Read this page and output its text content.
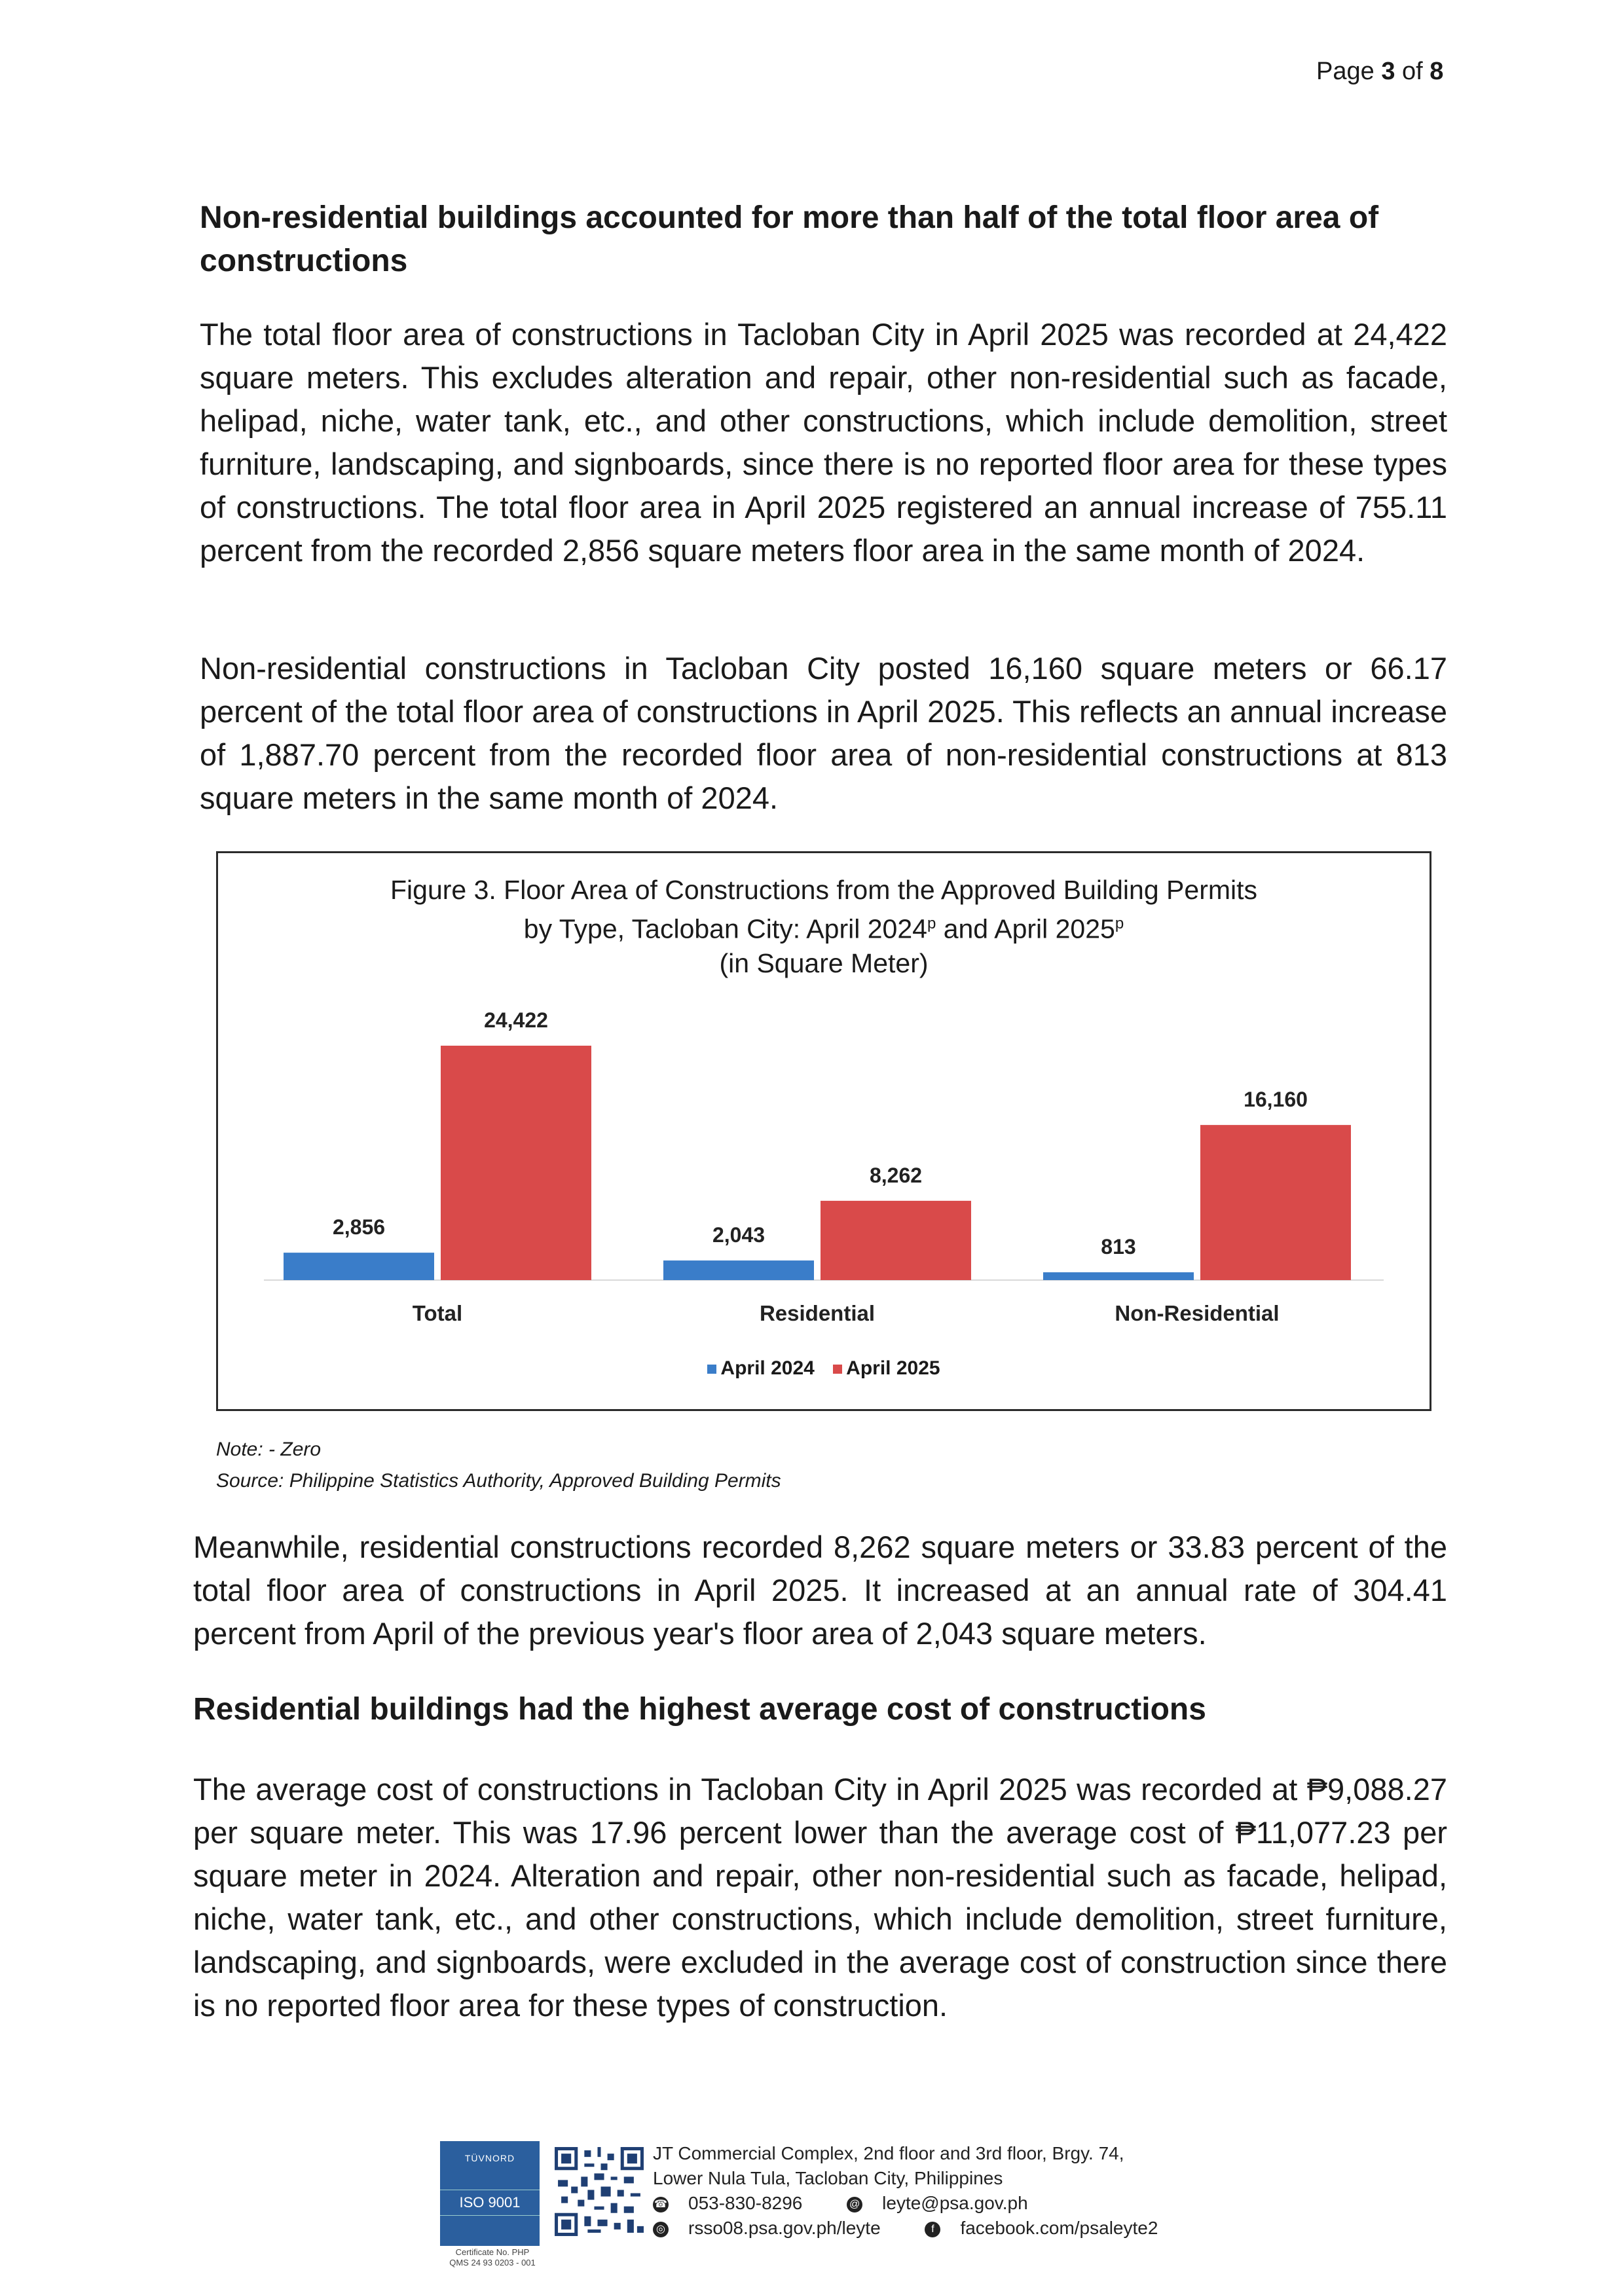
Page 3 of 8
Non-residential buildings accounted for more than half of the total floor area of constructions

The total floor area of constructions in Tacloban City in April 2025 was recorded at 24,422 square meters. This excludes alteration and repair, other non-residential such as facade, helipad, niche, water tank, etc., and other constructions, which include demolition, street furniture, landscaping, and signboards, since there is no reported floor area for these types of constructions. The total floor area in April 2025 registered an annual increase of 755.11 percent from the recorded 2,856 square meters floor area in the same month of 2024.

Non-residential constructions in Tacloban City posted 16,160 square meters or 66.17 percent of the total floor area of constructions in April 2025. This reflects an annual increase of 1,887.70 percent from the recorded floor area of non-residential constructions at 813 square meters in the same month of 2024.

Figure 3. Floor Area of Constructions from the Approved Building Permits
by Type, Tacloban City: April 2024$^p$ and April 2025$^p$
(in Square Meter)
2,856
24,422
Total
2,043
8,262
Residential
813
16,160
Non-Residential
April 2024 April 2025
Note: - Zero
Source: Philippine Statistics Authority, Approved Building Permits

Meanwhile, residential constructions recorded 8,262 square meters or 33.83 percent of the total floor area of constructions in April 2025. It increased at an annual rate of 304.41 percent from April of the previous year's floor area of 2,043 square meters.

Residential buildings had the highest average cost of constructions

The average cost of constructions in Tacloban City in April 2025 was recorded at ₱9,088.27 per square meter. This was 17.96 percent lower than the average cost of ₱11,077.23 per square meter in 2024. Alteration and repair, other non-residential such as facade, helipad, niche, water tank, etc., and other constructions, which include demolition, street furniture, landscaping, and signboards, were excluded in the average cost of construction since there is no reported floor area for these types of construction.

TÜVNORD
ISO 9001
Certificate No. PHP
QMS 24 93 0203 - 001
JT Commercial Complex, 2nd floor and 3rd floor, Brgy. 74,
Lower Nula Tula, Tacloban City, Philippines
☎ 053-830-8296	@ leyte@psa.gov.ph
◎ rsso08.psa.gov.ph/leyte	f facebook.com/psaleyte2
